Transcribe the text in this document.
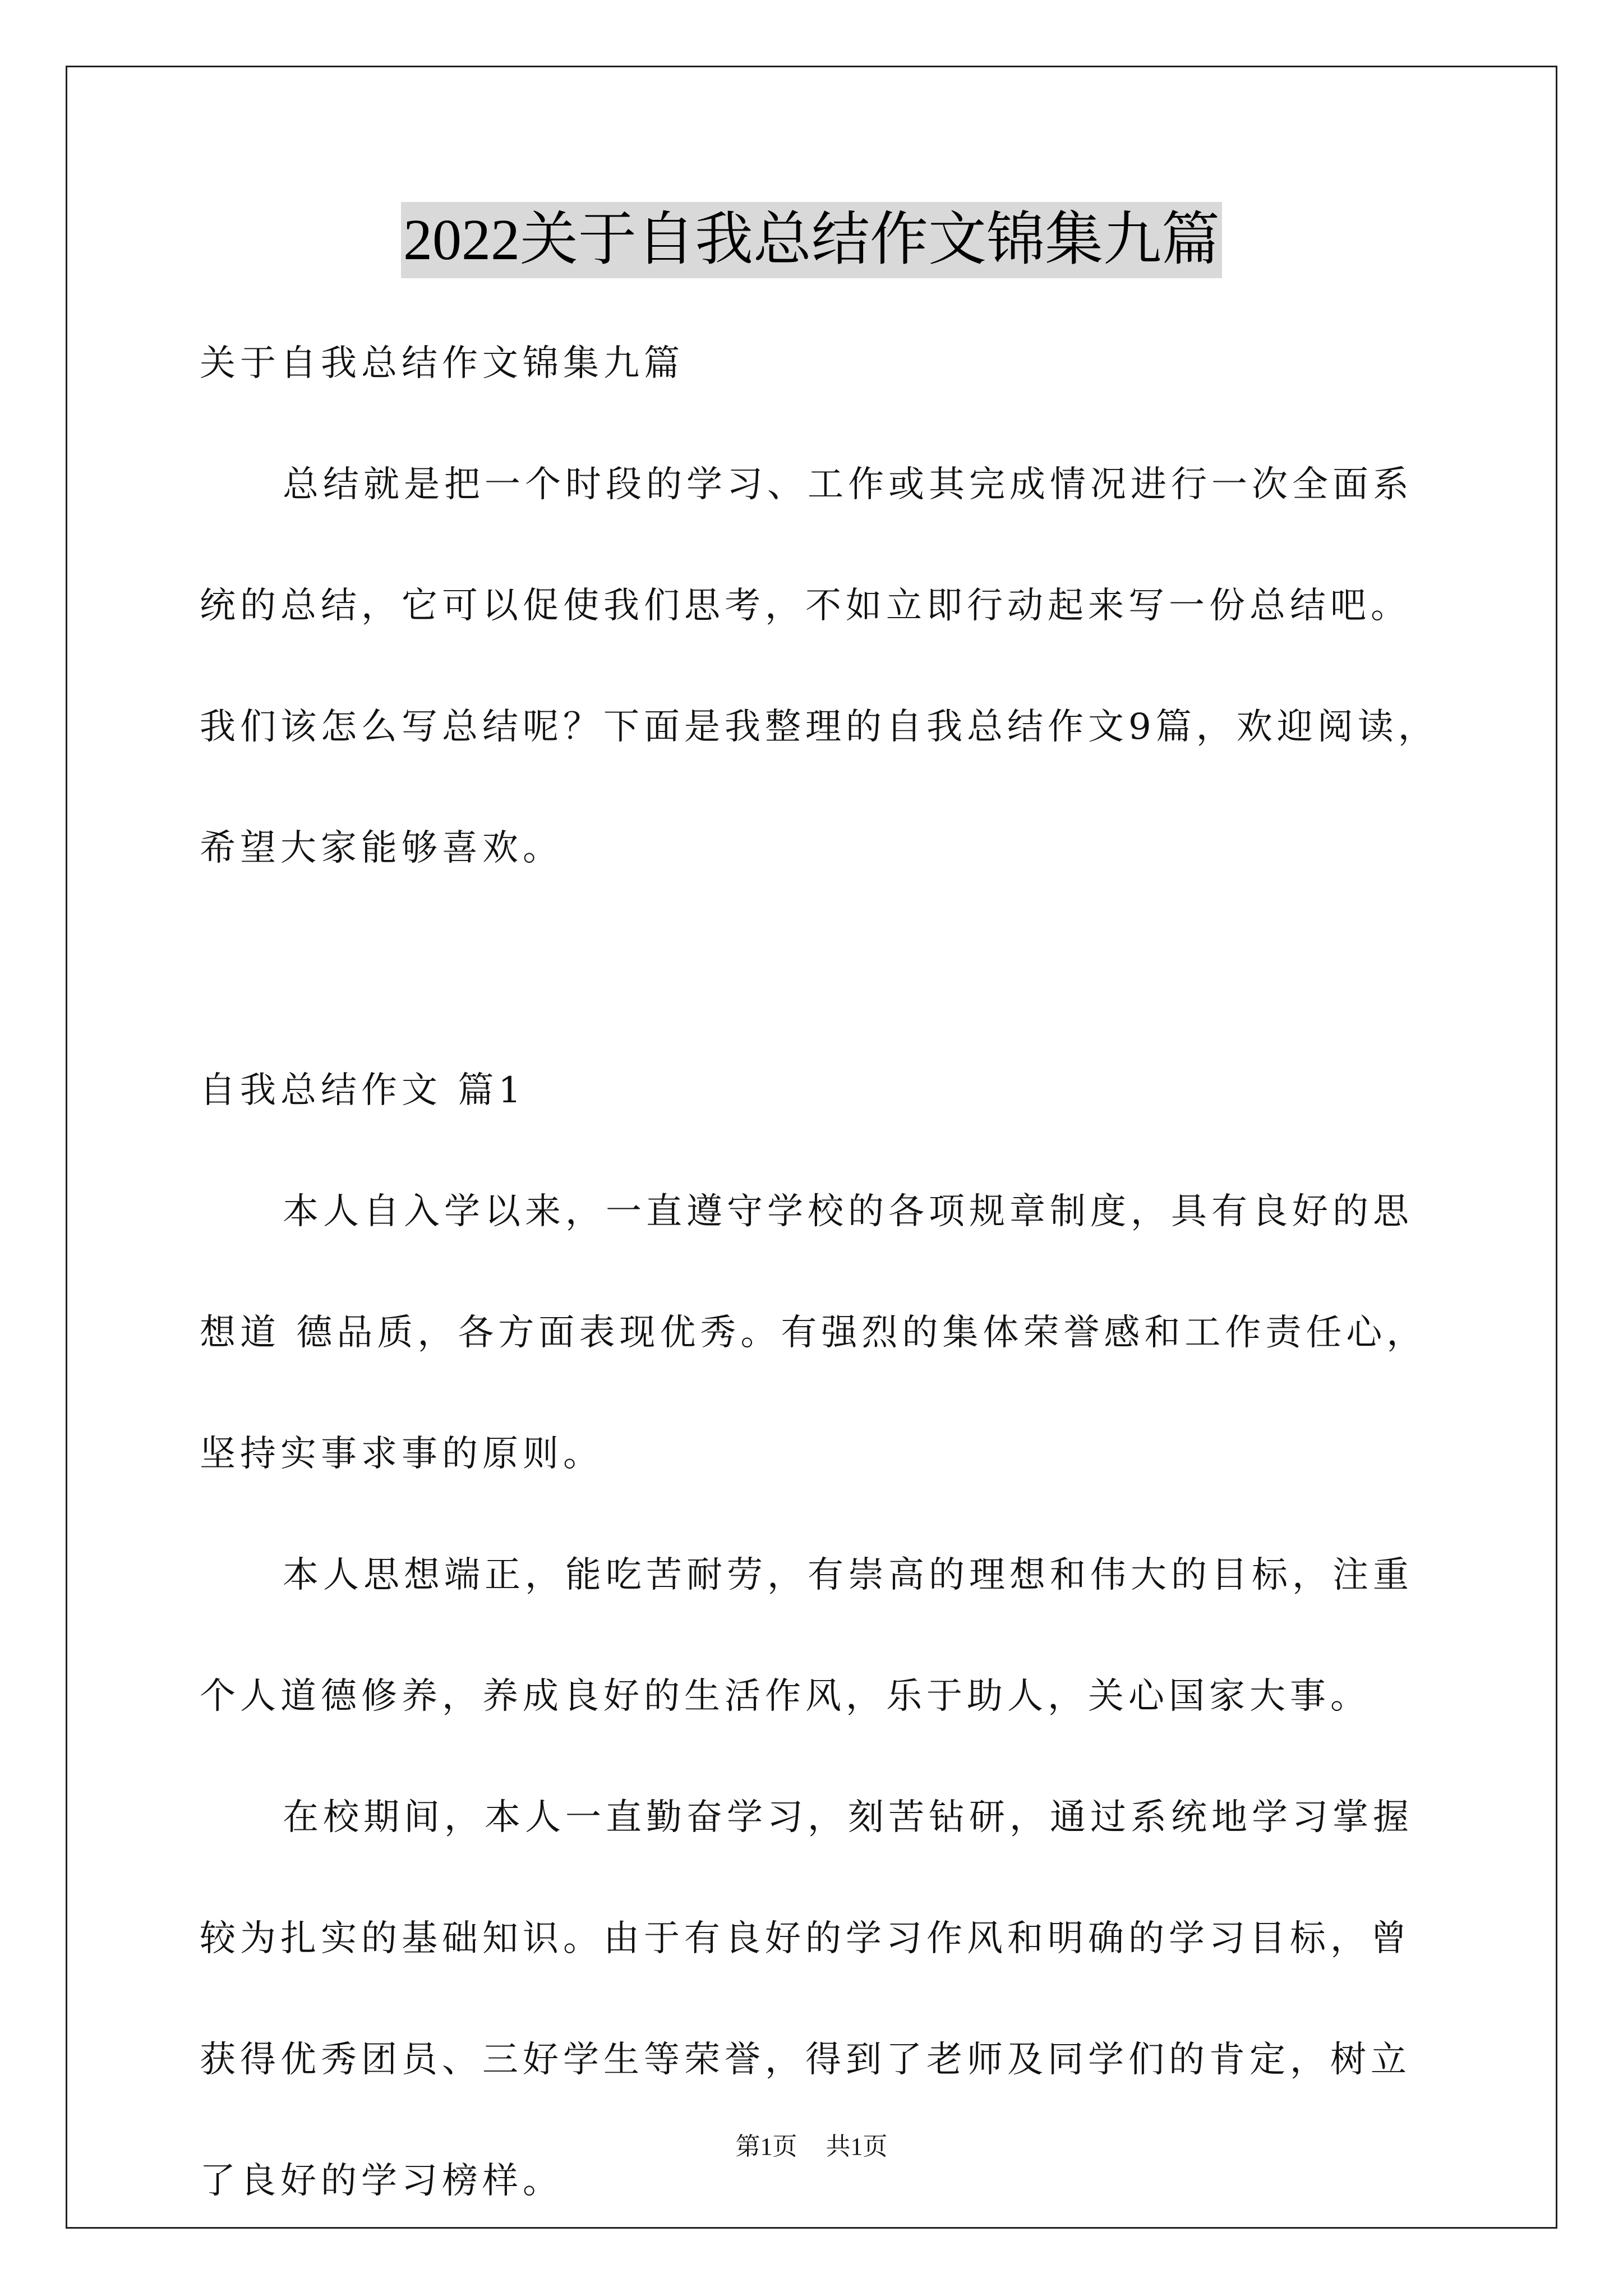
2022关于自我总结作文锦集九篇
关于自我总结作文锦集九篇
总结就是把一个时段的学习、工作或其完成情况进行一次全面系
统的总结，它可以促使我们思考，不如立即行动起来写一份总结吧。
我们该怎么写总结呢？下面是我整理的自我总结作文9篇，欢迎阅读，
希望大家能够喜欢。
自我总结作文 篇1
本人自入学以来，一直遵守学校的各项规章制度，具有良好的思
想道 德品质，各方面表现优秀。有强烈的集体荣誉感和工作责任心，
坚持实事求事的原则。
本人思想端正，能吃苦耐劳，有崇高的理想和伟大的目标，注重
个人道德修养，养成良好的生活作风，乐于助人，关心国家大事。
在校期间，本人一直勤奋学习，刻苦钻研，通过系统地学习掌握
较为扎实的基础知识。由于有良好的学习作风和明确的学习目标，曾
获得优秀团员、三好学生等荣誉，得到了老师及同学们的肯定，树立
了良好的学习榜样。
第1页 共1页
